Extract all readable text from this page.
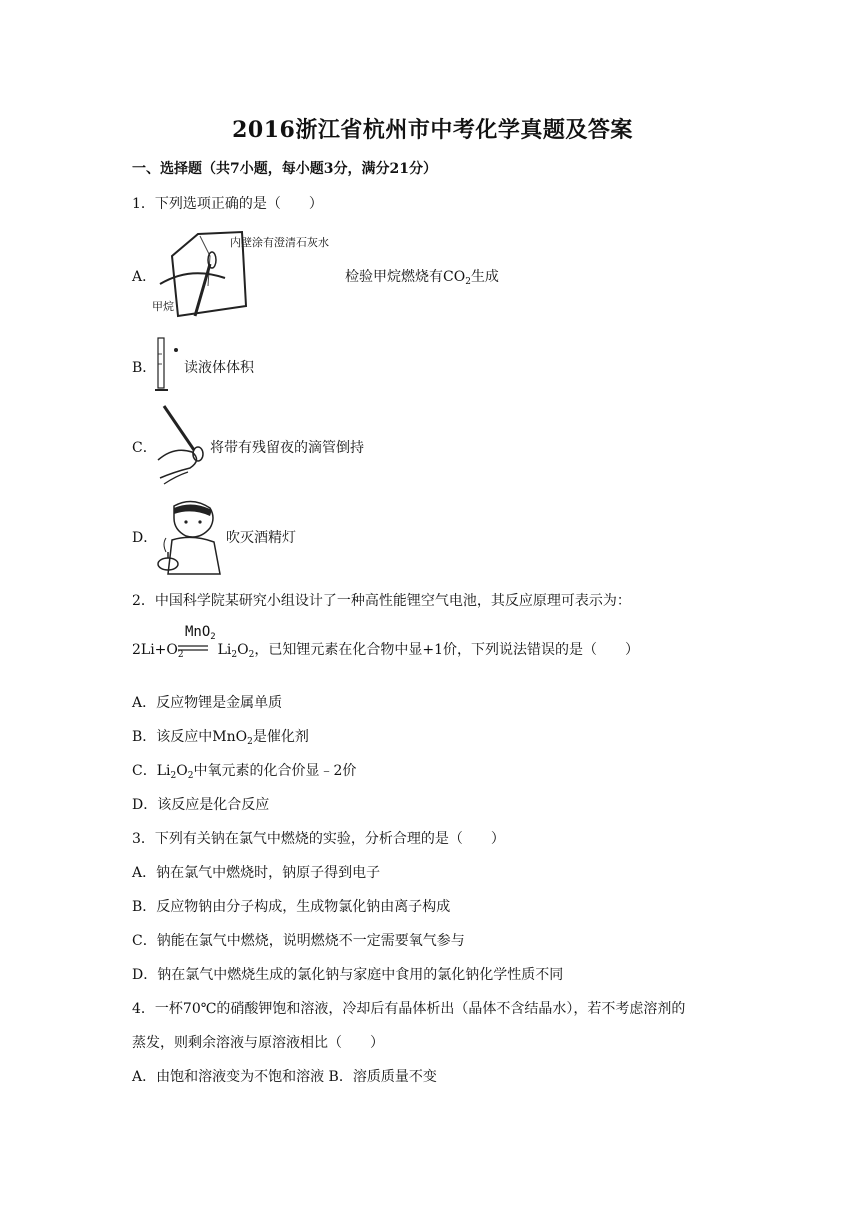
2016浙江省杭州市中考化学真题及答案
一、选择题（共7小题，每小题3分，满分21分）
1．下列选项正确的是（　　）
内壁涂有澄清石灰水
甲烷
A．	检验甲烷燃烧有$CO_2$生成
B． 读液体体积
C．	将带有残留夜的滴管倒持
D．	吹灭酒精灯
2．中国科学院某研究小组设计了一种高性能锂空气电池，其反应原理可表示为：
MnO$_2$
$2Li+O_2$ $Li_2O_2$，已知锂元素在化合物中显+1价，下列说法错误的是（　　）
A．反应物锂是金属单质
B．该反应中MnO$_2$是催化剂
C．$Li_2O_2$中氧元素的化合价显﹣2价
D．该反应是化合反应
3．下列有关钠在氯气中燃烧的实验，分析合理的是（　　）
A．钠在氯气中燃烧时，钠原子得到电子
B．反应物钠由分子构成，生成物氯化钠由离子构成
C．钠能在氯气中燃烧，说明燃烧不一定需要氧气参与
D．钠在氯气中燃烧生成的氯化钠与家庭中食用的氯化钠化学性质不同
4．一杯70℃的硝酸钾饱和溶液，冷却后有晶体析出（晶体不含结晶水），若不考虑溶剂的
蒸发，则剩余溶液与原溶液相比（　　）
A．由饱和溶液变为不饱和溶液 B．溶质质量不变
